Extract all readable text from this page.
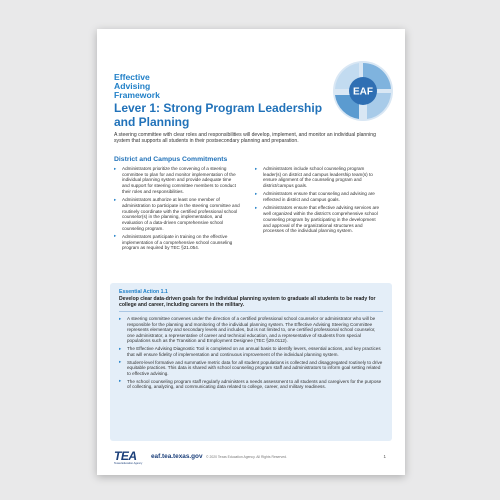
Effective
Advising
Framework	EAF
Lever 1: Strong Program Leadership
and Planning
A steering committee with clear roles and responsibilities will develop, implement, and monitor an individual planning system that supports all students in their postsecondary planning and preparation.
District and Campus Commitments
▸	Administrators prioritize the convening of a steering committee to plan for and monitor implementation of the individual planning system and provide adequate time and support for steering committee members to conduct their roles and responsibilities.
▸	Administrators authorize at least one member of administration to participate in the steering committee and routinely coordinate with the certified professional school counselor(s) in the planning, implementation, and evaluation of a data-driven comprehensive school counseling program.
▸	Administrators participate in training on the effective implementation of a comprehensive school counseling program as required by TEC §21.054.
▸	Administrators include school counseling program leader(s) on district and campus leadership team(s) to ensure alignment of the counseling program and district/campus goals.
▸	Administrators ensure that counseling and advising are reflected in district and campus goals.
▸	Administrators ensure that effective advising services are well organized within the district's comprehensive school counseling program by participating in the development and approval of the organizational structures and processes of the individual planning system.
Essential Action 1.1
Develop clear data-driven goals for the individual planning system to graduate all students to be ready for college and career, including careers in the military.
▸	A steering committee convenes under the direction of a certified professional school counselor or administrator who will be responsible for the planning and monitoring of the individual planning system. The Effective Advising Steering Committee represents elementary and secondary levels and includes, but is not limited to, one certified professional school counselor, one administrator, a representative of career and technical education, and a representative of students from special populations such as the Transition and Employment Designee (TEC §29.0112).
▸	The Effective Advising Diagnostic Tool is completed on an annual basis to identify levers, essential actions, and key practices that will ensure fidelity of implementation and continuous improvement of the individual planning system.
▸	Student-level formative and summative metric data for all student populations is collected and disaggregated routinely to drive equitable practices. This data is shared with school counseling program staff and administrators to inform goal setting related to effective advising.
▸	The school counseling program staff regularly administers a needs assessment to all students and caregivers for the purpose of collecting, analyzing, and communicating data related to college, career, and military readiness.
TEA
Texas Education Agency
eaf.tea.texas.gov © 2020 Texas Education Agency. All Rights Reserved.	1
